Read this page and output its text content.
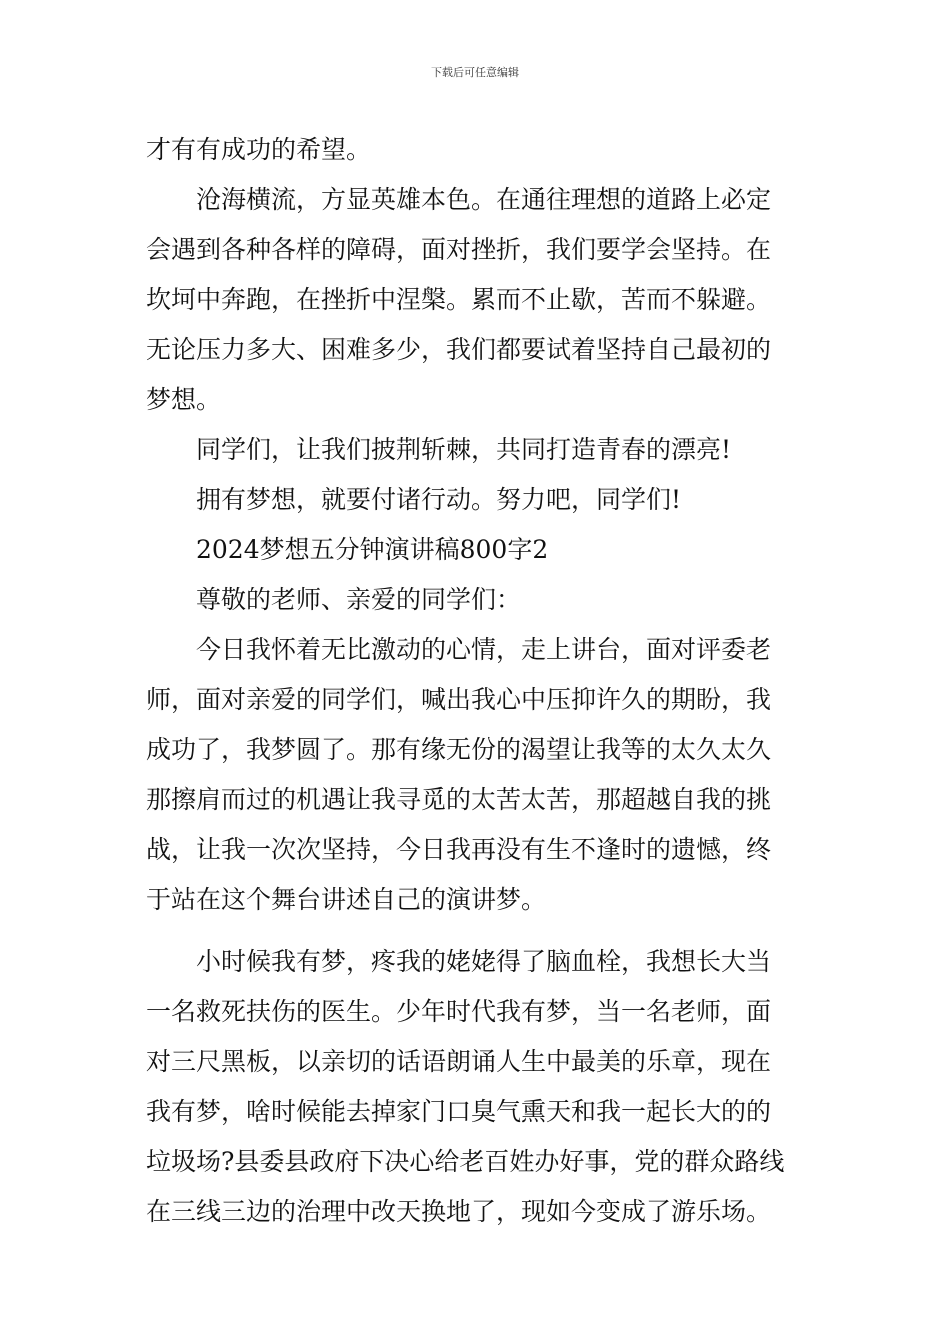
下载后可任意编辑
才有有成功的希望。
沧海横流，方显英雄本色。在通往理想的道路上必定
会遇到各种各样的障碍，面对挫折，我们要学会坚持。在
坎坷中奔跑，在挫折中涅槃。累而不止歇，苦而不躲避。
无论压力多大、困难多少，我们都要试着坚持自己最初的
梦想。
同学们，让我们披荆斩棘，共同打造青春的漂亮!
拥有梦想，就要付诸行动。努力吧，同学们!
2024梦想五分钟演讲稿800字2
尊敬的老师、亲爱的同学们：
今日我怀着无比激动的心情，走上讲台，面对评委老
师，面对亲爱的同学们，喊出我心中压抑许久的期盼，我
成功了，我梦圆了。那有缘无份的渴望让我等的太久太久
那擦肩而过的机遇让我寻觅的太苦太苦，那超越自我的挑
战，让我一次次坚持，今日我再没有生不逢时的遗憾，终
于站在这个舞台讲述自己的演讲梦。
小时候我有梦，疼我的姥姥得了脑血栓，我想长大当
一名救死扶伤的医生。少年时代我有梦，当一名老师，面
对三尺黑板，以亲切的话语朗诵人生中最美的乐章，现在
我有梦，啥时候能去掉家门口臭气熏天和我一起长大的的
垃圾场?县委县政府下决心给老百姓办好事，党的群众路线
在三线三边的治理中改天换地了，现如今变成了游乐场。
